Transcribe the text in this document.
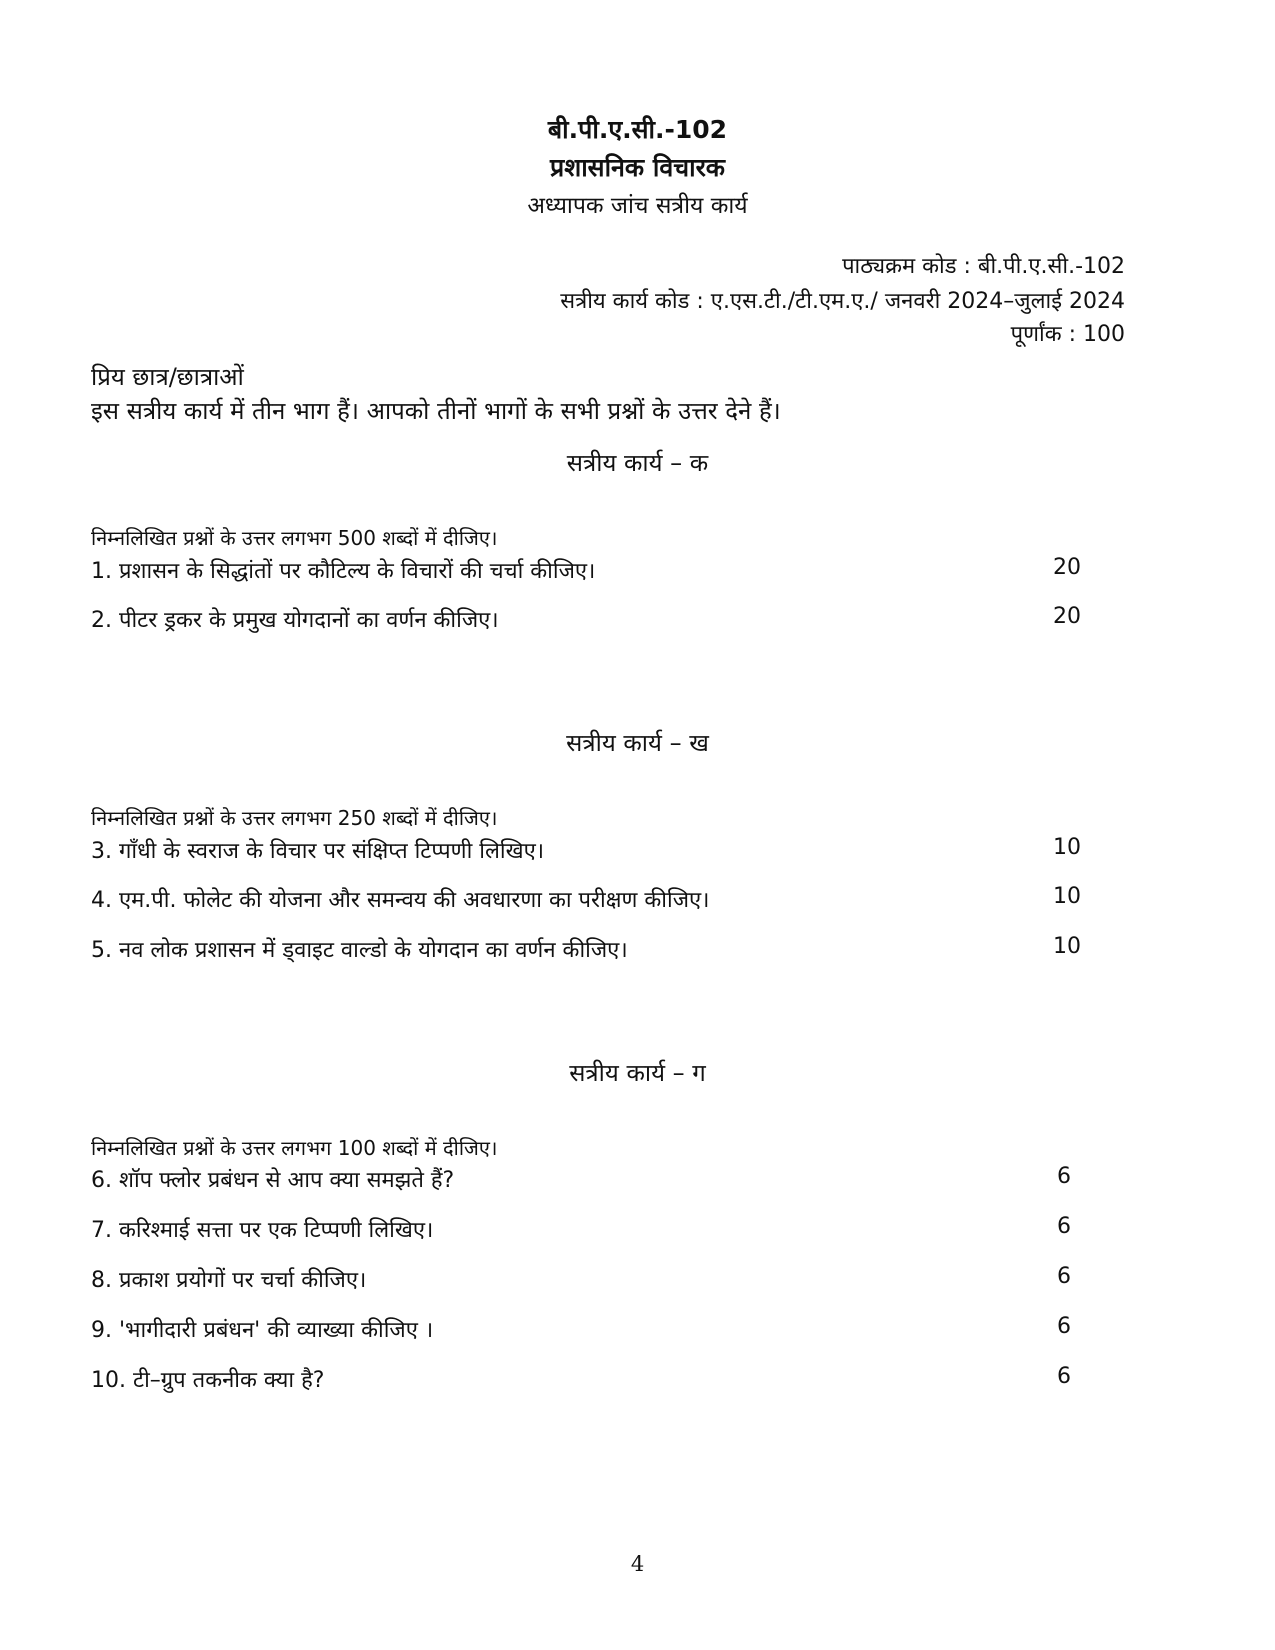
बी.पी.ए.सी.-102
प्रशासनिक विचारक
अध्यापक जांच सत्रीय कार्य
पाठ्यक्रम कोड : बी.पी.ए.सी.-102
सत्रीय कार्य कोड : ए.एस.टी./टी.एम.ए./ जनवरी 2024–जुलाई 2024
पूर्णांक : 100
प्रिय छात्र/छात्राओं
इस सत्रीय कार्य में तीन भाग हैं। आपको तीनों भागों के सभी प्रश्नों के उत्तर देने हैं।
सत्रीय कार्य – क
निम्नलिखित प्रश्नों के उत्तर लगभग 500 शब्दों में दीजिए।
1. प्रशासन के सिद्धांतों पर कौटिल्य के विचारों की चर्चा कीजिए।	20
2. पीटर ड्रकर के प्रमुख योगदानों का वर्णन कीजिए।	20
सत्रीय कार्य – ख
निम्नलिखित प्रश्नों के उत्तर लगभग 250 शब्दों में दीजिए।
3. गाँधी के स्वराज के विचार पर संक्षिप्त टिप्पणी लिखिए।	10
4. एम.पी. फोलेट की योजना और समन्वय की अवधारणा का परीक्षण कीजिए।	10
5. नव लोक प्रशासन में ड्वाइट वाल्डो के योगदान का वर्णन कीजिए।	10
सत्रीय कार्य – ग
निम्नलिखित प्रश्नों के उत्तर लगभग 100 शब्दों में दीजिए।
6. शॉप फ्लोर प्रबंधन से आप क्या समझते हैं?	6
7. करिश्माई सत्ता पर एक टिप्पणी लिखिए।	6
8. प्रकाश प्रयोगों पर चर्चा कीजिए।	6
9. 'भागीदारी प्रबंधन' की व्याख्या कीजिए ।	6
10. टी–ग्रुप तकनीक क्या है?	6
4
